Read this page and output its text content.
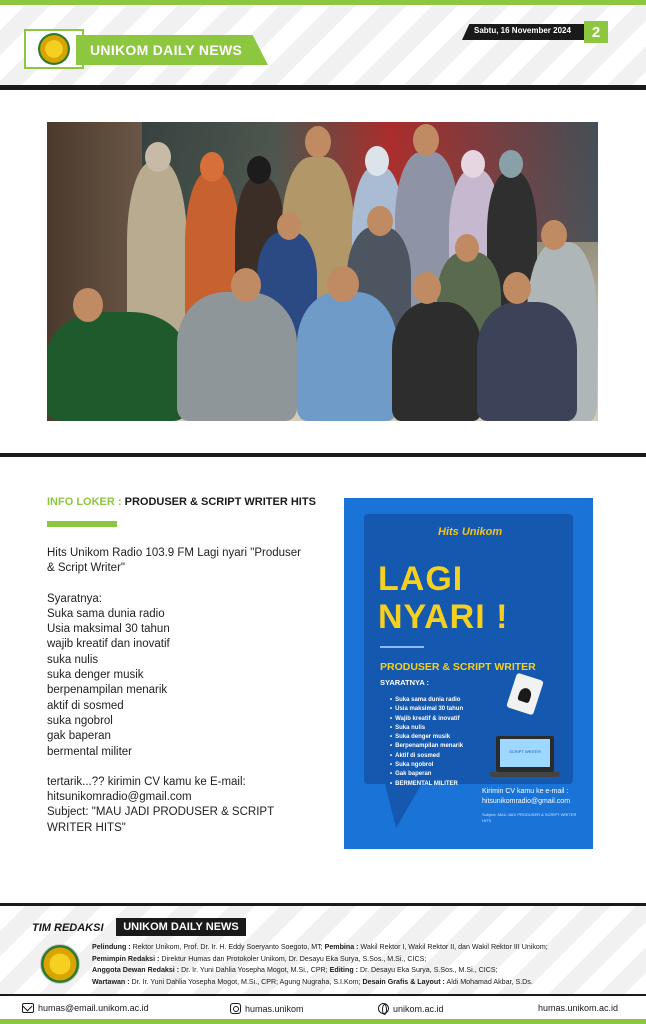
UNIKOM DAILY NEWS
Sabtu, 16 November 2024	2
INFO LOKER : PRODUSER & SCRIPT WRITER HITS

Hits Unikom Radio 103.9 FM Lagi nyari "Produser & Script Writer"

Syaratnya:

Suka sama dunia radio

Usia maksimal 30 tahun

wajib kreatif dan inovatif

suka nulis

suka denger musik

berpenampilan menarik

aktif di sosmed

suka ngobrol

gak baperan

bermental militer

tertarik...?? kirimin CV kamu ke E-mail:

hitsunikomradio@gmail.com

Subject: "MAU JADI PRODUSER & SCRIPT WRITER HITS"

Hits Unikom
LAGI
NYARI !
PRODUSER & SCRIPT WRITER
SYARATNYA :
• Suka sama dunia radio
• Usia maksimal 30 tahun
• Wajib kreatif & inovatif
• Suka nulis
• Suka denger musik
• Berpenampilan menarik
• Aktif di sosmed
• Suka ngobrol
• Gak baperan
• BERMENTAL MILITER
SCRIPT WRITER
Kirimin CV kamu ke e-mail :
hitsunikomradio@gmail.com
Subject: MAU JADI PRODUSER & SCRIPT WRITER HITS
TIM REDAKSI	UNIKOM DAILY NEWS

Pelindung : Rektor Unikom, Prof. Dr. Ir. H. Eddy Soeryanto Soegoto, MT; Pembina : Wakil Rektor I, Wakil Rektor II, dan Wakil Rektor III Unikom;

Pemimpin Redaksi : Direktur Humas dan Protokoler Unikom, Dr. Desayu Eka Surya, S.Sos., M.Si., CICS;

Anggota Dewan Redaksi : Dr. Ir. Yuni Dahlia Yosepha Mogot, M.Si., CPR; Editing : Dr. Desayu Eka Surya, S.Sos., M.Si., CICS;

Wartawan : Dr. Ir. Yuni Dahlia Yosepha Mogot, M.Si., CPR; Agung Nugraha, S.I.Kom; Desain Grafis & Layout : Aldi Mohamad Akbar, S.Ds.

humas@email.unikom.ac.id	humas.unikom	unikom.ac.id	humas.unikom.ac.id
